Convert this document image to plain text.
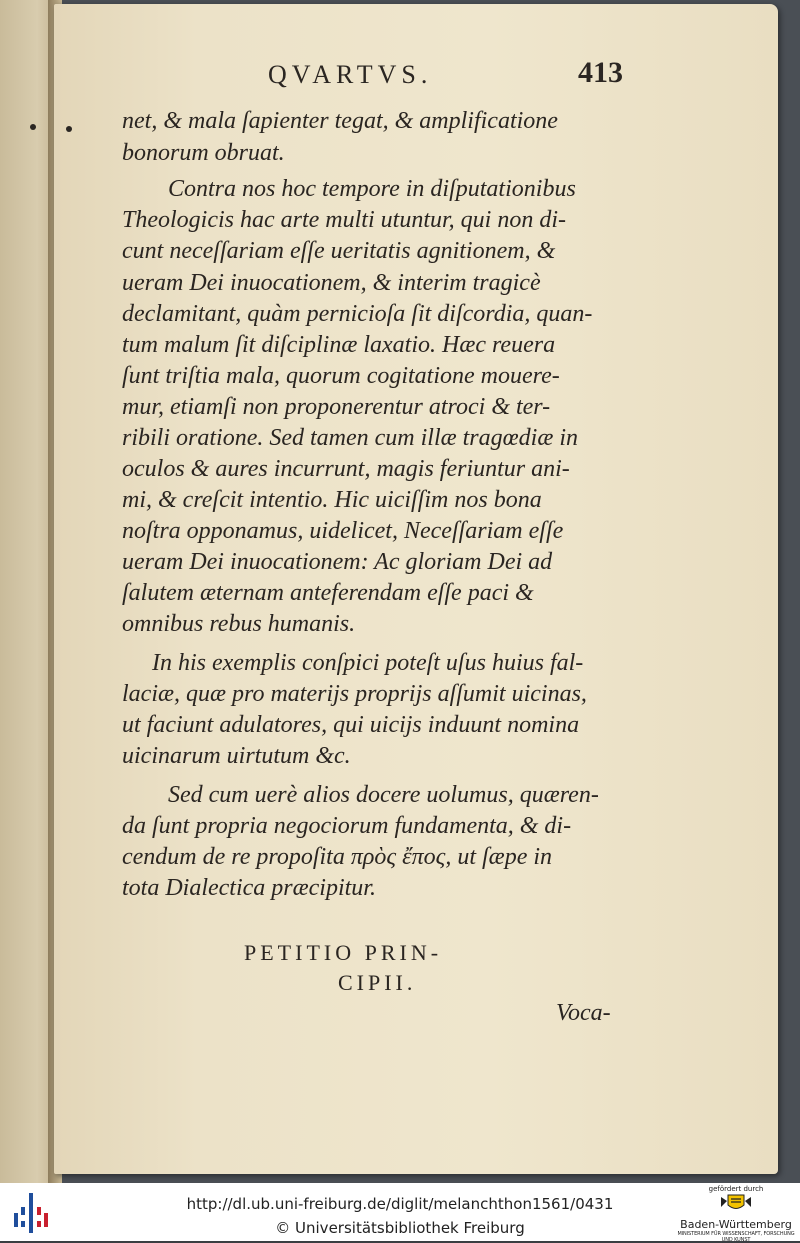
QVARTVS.	413
net, & mala ſapienter tegat, & amplificatione
bonorum obruat.
Contra nos hoc tempore in diſputationibus
Theologicis hac arte multi utuntur, qui non di-
cunt neceſſariam eſſe ueritatis agnitionem, &
ueram Dei inuocationem, & interim tragicè
declamitant, quàm pernicioſa ſit diſcordia, quan-
tum malum ſit diſciplinæ laxatio. Hæc reuera
ſunt triſtia mala, quorum cogitatione mouere-
mur, etiamſi non proponerentur atroci & ter-
ribili oratione. Sed tamen cum illæ tragœdiæ in
oculos & aures incurrunt, magis feriuntur ani-
mi, & creſcit intentio. Hic uiciſſim nos bona
noſtra opponamus, uidelicet, Neceſſariam eſſe
ueram Dei inuocationem: Ac gloriam Dei ad
ſalutem æternam anteferendam eſſe paci &
omnibus rebus humanis.
In his exemplis conſpici poteſt uſus huius fal-
laciæ, quæ pro materijs proprijs aſſumit uicinas,
ut faciunt adulatores, qui uicijs induunt nomina
uicinarum uirtutum &c.
Sed cum uerè alios docere uolumus, quæren-
da ſunt propria negociorum fundamenta, & di-
cendum de re propoſita πρὸς ἔπος, ut ſæpe in
tota Dialectica præcipitur.
PETITIO PRIN-
CIPII.
Voca-
http://dl.ub.uni-freiburg.de/diglit/melanchthon1561/0431
© Universitätsbibliothek Freiburg
gefördert durch
Baden-Württemberg
MINISTERIUM FÜR WISSENSCHAFT, FORSCHUNG UND KUNST
